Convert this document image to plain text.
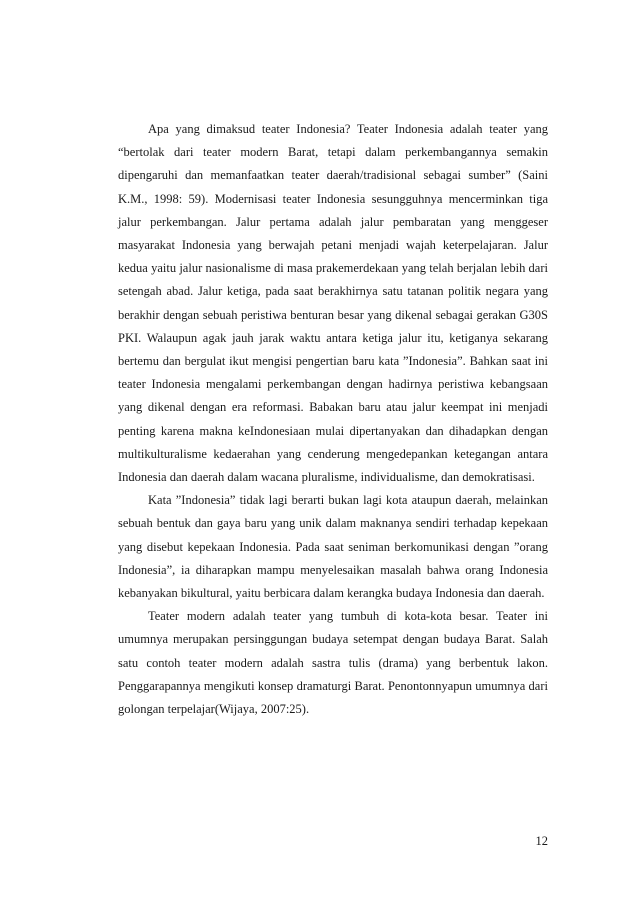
Apa yang dimaksud teater Indonesia? Teater Indonesia adalah teater yang “bertolak dari teater modern Barat, tetapi dalam perkembangannya semakin dipengaruhi dan memanfaatkan teater daerah/tradisional sebagai sumber” (Saini K.M., 1998: 59). Modernisasi teater Indonesia sesungguhnya mencerminkan tiga jalur perkembangan. Jalur pertama adalah jalur pembaratan yang menggeser masyarakat Indonesia yang berwajah petani menjadi wajah keterpelajaran. Jalur kedua yaitu jalur nasionalisme di masa prakemerdekaan yang telah berjalan lebih dari setengah abad. Jalur ketiga, pada saat berakhirnya satu tatanan politik negara yang berakhir dengan sebuah peristiwa benturan besar yang dikenal sebagai gerakan G30S PKI. Walaupun agak jauh jarak waktu antara ketiga jalur itu, ketiganya sekarang bertemu dan bergulat ikut mengisi pengertian baru kata ”Indonesia”. Bahkan saat ini teater Indonesia mengalami perkembangan dengan hadirnya peristiwa kebangsaan yang dikenal dengan era reformasi. Babakan baru atau jalur keempat ini menjadi penting karena makna keIndonesiaan mulai dipertanyakan dan dihadapkan dengan multikulturalisme kedaerahan yang cenderung mengedepankan ketegangan antara Indonesia dan daerah dalam wacana pluralisme, individualisme, dan demokratisasi.

Kata ”Indonesia” tidak lagi berarti bukan lagi kota ataupun daerah, melainkan sebuah bentuk dan gaya baru yang unik dalam maknanya sendiri terhadap kepekaan yang disebut kepekaan Indonesia. Pada saat seniman berkomunikasi dengan ”orang Indonesia”, ia diharapkan mampu menyelesaikan masalah bahwa orang Indonesia kebanyakan bikultural, yaitu berbicara dalam kerangka budaya Indonesia dan daerah.

Teater modern adalah teater yang tumbuh di kota-kota besar. Teater ini umumnya merupakan persinggungan budaya setempat dengan budaya Barat. Salah satu contoh teater modern adalah sastra tulis (drama) yang berbentuk lakon. Penggarapannya mengikuti konsep dramaturgi Barat. Penontonnyapun umumnya dari golongan terpelajar(Wijaya, 2007:25).

12
